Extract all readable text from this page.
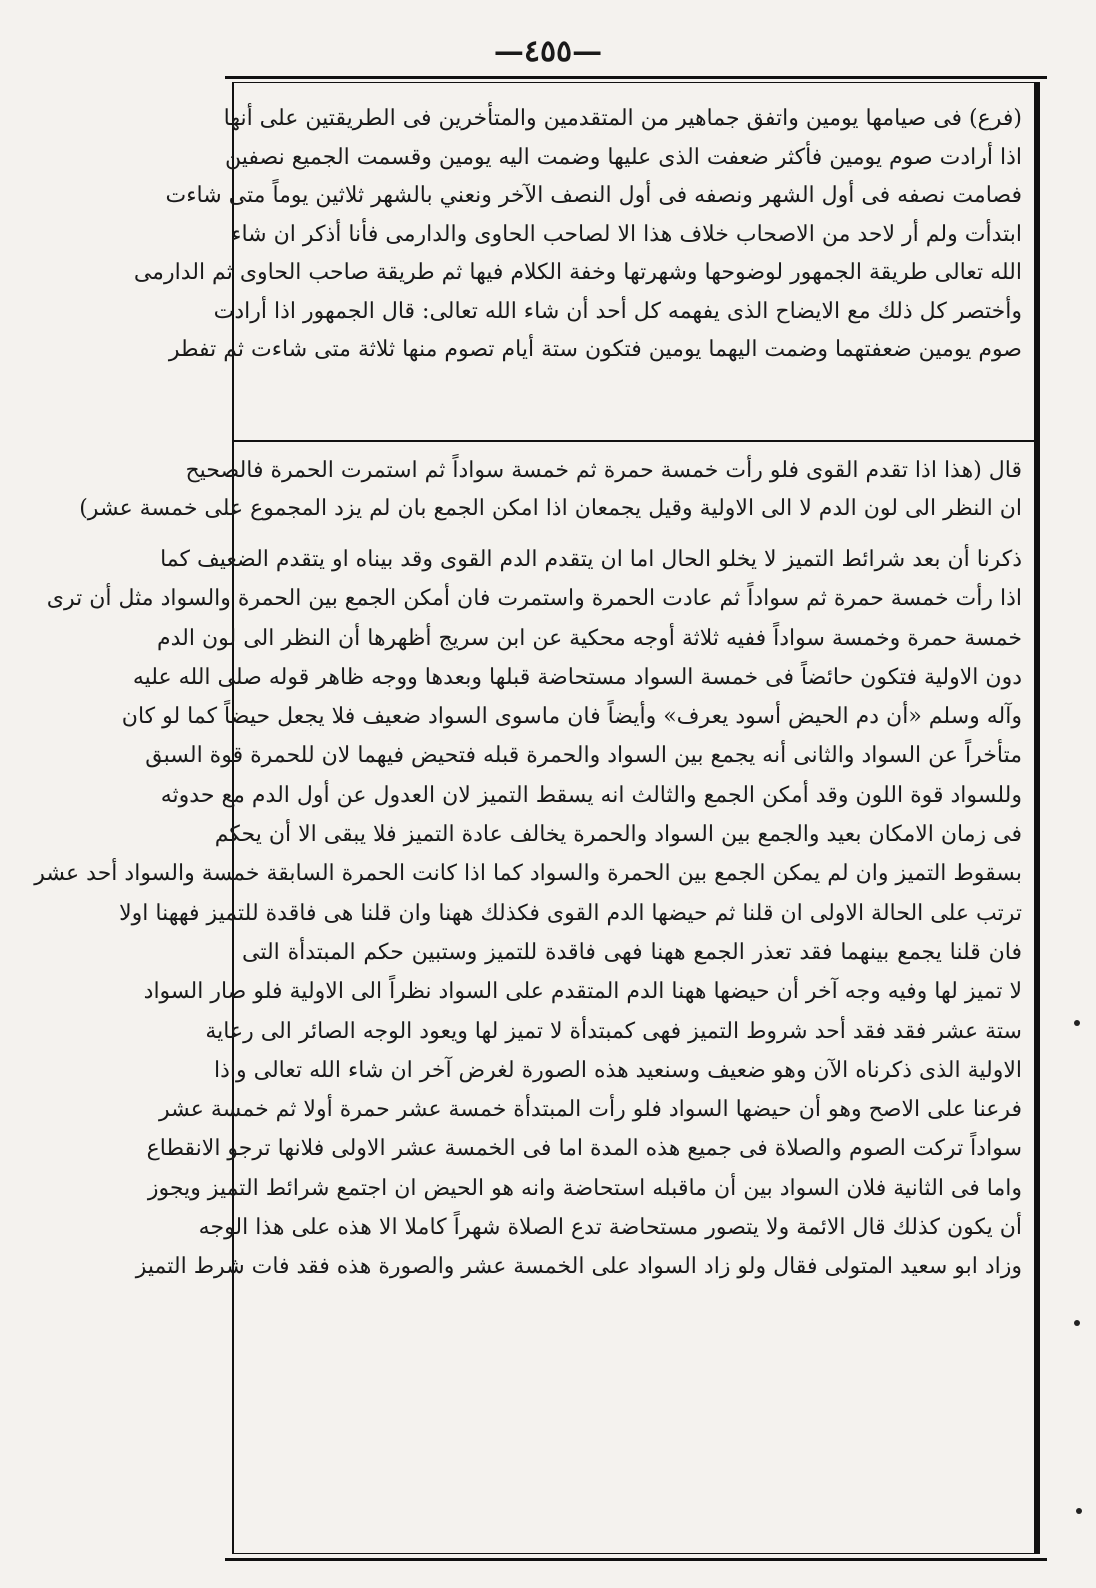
—٤٥٥—
(فرع) فى صيامها يومين واتفق جماهير من المتقدمين والمتأخرين فى الطريقتين على أنها
اذا أرادت صوم يومين فأكثر ضعفت الذى عليها وضمت اليه يومين وقسمت الجميع نصفين
فصامت نصفه فى أول الشهر ونصفه فى أول النصف الآخر ونعني بالشهر ثلاثين يوماً متى شاءت
ابتدأت ولم أر لاحد من الاصحاب خلاف هذا الا لصاحب الحاوى والدارمى فأنا أذكر ان شاء
الله تعالى طريقة الجمهور لوضوحها وشهرتها وخفة الكلام فيها ثم طريقة صاحب الحاوى ثم الدارمى
وأختصر كل ذلك مع الايضاح الذى يفهمه كل أحد أن شاء الله تعالى: قال الجمهور اذا أرادت
صوم يومين ضعفتهما وضمت اليهما يومين فتكون ستة أيام تصوم منها ثلاثة متى شاءت ثم تفطر
قال (هذا اذا تقدم القوى فلو رأت خمسة حمرة ثم خمسة سواداً ثم استمرت الحمرة فالصحيح
ان النظر الى لون الدم لا الى الاولية وقيل يجمعان اذا امكن الجمع بان لم يزد المجموع على خمسة عشر)
ذكرنا أن بعد شرائط التميز لا يخلو الحال اما ان يتقدم الدم القوى وقد بيناه او يتقدم الضعيف كما
اذا رأت خمسة حمرة ثم سواداً ثم عادت الحمرة واستمرت فان أمكن الجمع بين الحمرة والسواد مثل أن ترى
خمسة حمرة وخمسة سواداً ففيه ثلاثة أوجه محكية عن ابن سريج أظهرها أن النظر الى لون الدم
دون الاولية فتكون حائضاً فى خمسة السواد مستحاضة قبلها وبعدها ووجه ظاهر قوله صلى الله عليه
وآله وسلم «أن دم الحيض أسود يعرف» وأيضاً فان ماسوى السواد ضعيف فلا يجعل حيضاً كما لو كان
متأخراً عن السواد والثانى أنه يجمع بين السواد والحمرة قبله فتحيض فيهما لان للحمرة قوة السبق
وللسواد قوة اللون وقد أمكن الجمع والثالث انه يسقط التميز لان العدول عن أول الدم مع حدوثه
فى زمان الامكان بعيد والجمع بين السواد والحمرة يخالف عادة التميز فلا يبقى الا أن يحكم
بسقوط التميز وان لم يمكن الجمع بين الحمرة والسواد كما اذا كانت الحمرة السابقة خمسة والسواد أحد عشر
ترتب على الحالة الاولى ان قلنا ثم حيضها الدم القوى فكذلك ههنا وان قلنا هى فاقدة للتميز فههنا اولا
فان قلنا يجمع بينهما فقد تعذر الجمع ههنا فهى فاقدة للتميز وستبين حكم المبتدأة التى
لا تميز لها وفيه وجه آخر أن حيضها ههنا الدم المتقدم على السواد نظراً الى الاولية فلو صار السواد
ستة عشر فقد فقد أحد شروط التميز فهى كمبتدأة لا تميز لها ويعود الوجه الصائر الى رعاية
الاولية الذى ذكرناه الآن وهو ضعيف وسنعيد هذه الصورة لغرض آخر ان شاء الله تعالى واذا
فرعنا على الاصح وهو أن حيضها السواد فلو رأت المبتدأة خمسة عشر حمرة أولا ثم خمسة عشر
سواداً تركت الصوم والصلاة فى جميع هذه المدة اما فى الخمسة عشر الاولى فلانها ترجو الانقطاع
واما فى الثانية فلان السواد بين أن ماقبله استحاضة وانه هو الحيض ان اجتمع شرائط التميز ويجوز
أن يكون كذلك قال الائمة ولا يتصور مستحاضة تدع الصلاة شهراً كاملا الا هذه على هذا الوجه
وزاد ابو سعيد المتولى فقال ولو زاد السواد على الخمسة عشر والصورة هذه فقد فات شرط التميز
